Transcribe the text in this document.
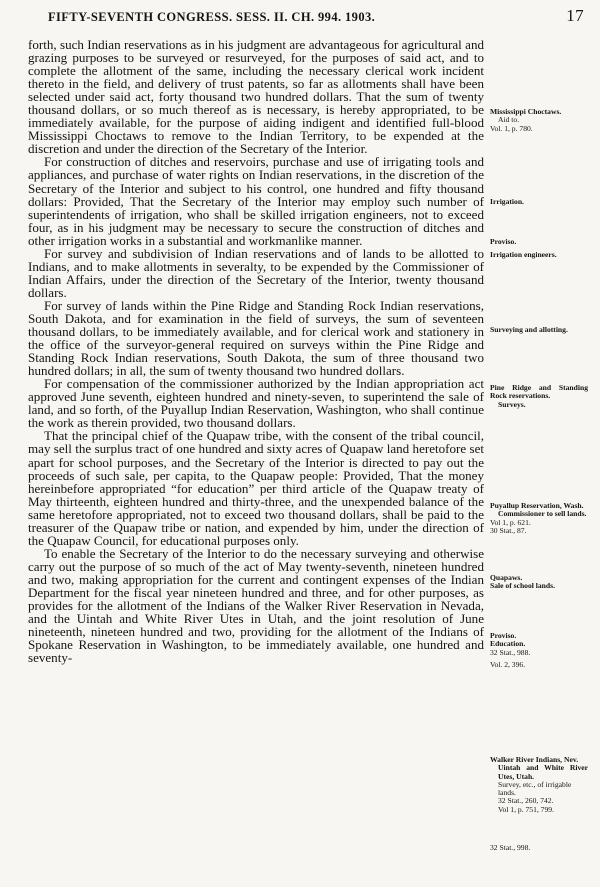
FIFTY-SEVENTH CONGRESS. SESS. II. CH. 994. 1903.	17

forth, such Indian reservations as in his judgment are advantageous for agricultural and grazing purposes to be surveyed or resurveyed, for the purposes of said act, and to complete the allotment of the same, including the necessary clerical work incident thereto in the field, and delivery of trust patents, so far as allotments shall have been selected under said act, forty thousand two hundred dollars. That the sum of twenty thousand dollars, or so much thereof as is necessary, is hereby appropriated, to be immediately available, for the purpose of aiding indigent and identified full-blood Mississippi Choctaws to remove to the Indian Territory, to be expended at the discretion and under the direction of the Secretary of the Interior.

For construction of ditches and reservoirs, purchase and use of irrigating tools and appliances, and purchase of water rights on Indian reservations, in the discretion of the Secretary of the Interior and subject to his control, one hundred and fifty thousand dollars: Provided, That the Secretary of the Interior may employ such number of superintendents of irrigation, who shall be skilled irrigation engineers, not to exceed four, as in his judgment may be necessary to secure the construction of ditches and other irrigation works in a substantial and workmanlike manner.

For survey and subdivision of Indian reservations and of lands to be allotted to Indians, and to make allotments in severalty, to be expended by the Commissioner of Indian Affairs, under the direction of the Secretary of the Interior, twenty thousand dollars.

For survey of lands within the Pine Ridge and Standing Rock Indian reservations, South Dakota, and for examination in the field of surveys, the sum of seventeen thousand dollars, to be immediately available, and for clerical work and stationery in the office of the surveyor-general required on surveys within the Pine Ridge and Standing Rock Indian reservations, South Dakota, the sum of three thousand two hundred dollars; in all, the sum of twenty thousand two hundred dollars.

For compensation of the commissioner authorized by the Indian appropriation act approved June seventh, eighteen hundred and ninety-seven, to superintend the sale of land, and so forth, of the Puyallup Indian Reservation, Washington, who shall continue the work as therein provided, two thousand dollars.

That the principal chief of the Quapaw tribe, with the consent of the tribal council, may sell the surplus tract of one hundred and sixty acres of Quapaw land heretofore set apart for school purposes, and the Secretary of the Interior is directed to pay out the proceeds of such sale, per capita, to the Quapaw people: Provided, That the money hereinbefore appropriated “for education” per third article of the Quapaw treaty of May thirteenth, eighteen hundred and thirty-three, and the unexpended balance of the same heretofore appropriated, not to exceed two thousand dollars, shall be paid to the treasurer of the Quapaw tribe or nation, and expended by him, under the direction of the Quapaw Council, for educational purposes only.

To enable the Secretary of the Interior to do the necessary surveying and otherwise carry out the purpose of so much of the act of May twenty-seventh, nineteen hundred and two, making appropriation for the current and contingent expenses of the Indian Department for the fiscal year nineteen hundred and three, and for other purposes, as provides for the allotment of the Indians of the Walker River Reservation in Nevada, and the Uintah and White River Utes in Utah, and the joint resolution of June nineteenth, nineteen hundred and two, providing for the allotment of the Indians of Spokane Reservation in Washington, to be immediately available, one hundred and seventy-

Mississippi Choctaws.
Aid to.
Vol. 1, p. 780.
Irrigation.
Proviso.
Irrigation engineers.
Surveying and allotting.
Pine Ridge and Standing Rock reservations.
Surveys.
Puyallup Reservation, Wash.
Commissioner to sell lands.
Vol 1, p. 621.
30 Stat., 87.
Quapaws.
Sale of school lands.
Proviso.
Education.
32 Stat., 988.
Vol. 2, 396.
Walker River Indians, Nev.
Uintah and White River Utes, Utah.
Survey, etc., of irrigable lands.
32 Stat., 260, 742.
Vol 1, p. 751, 799.
32 Stat., 998.
